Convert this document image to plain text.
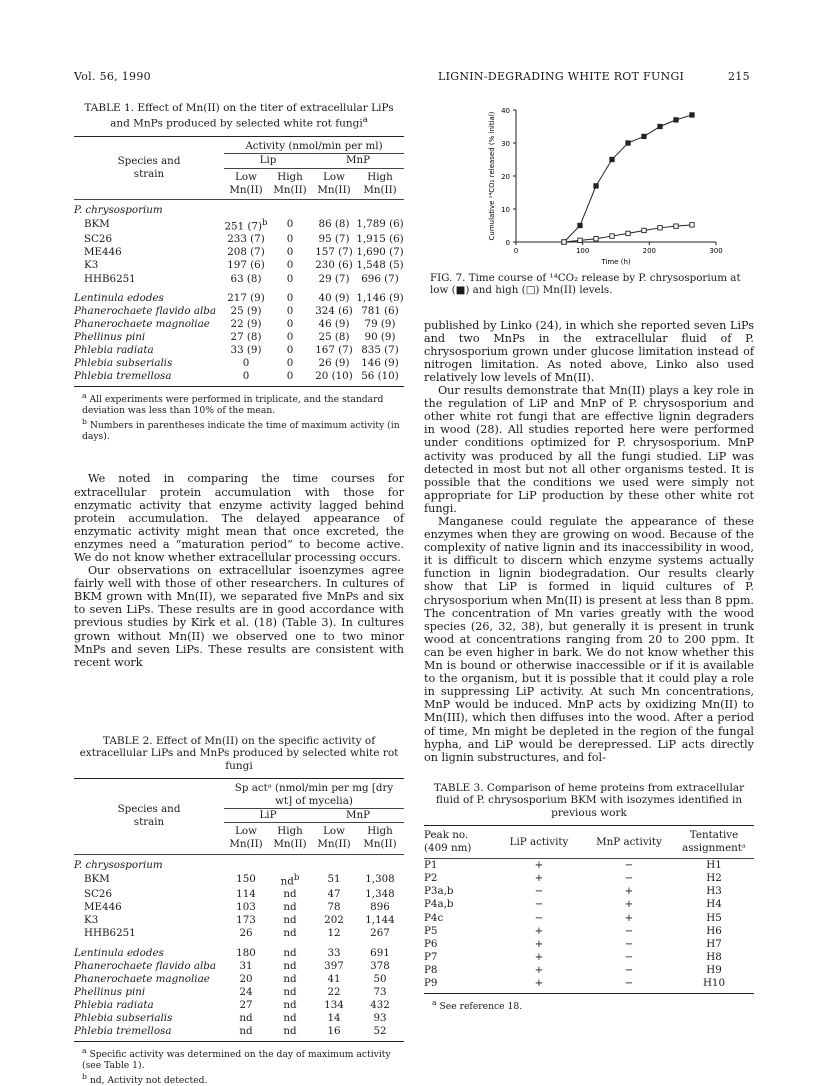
Vol. 56, 1990	LIGNIN-DEGRADING WHITE ROT FUNGI	215
TABLE 1. Effect of Mn(II) on the titer of extracellular LiPs and MnPs produced by selected white rot fungi$^a$
Species and strain	Activity (nmol/min per ml)			
	Lip		MnP	
	Low Mn(II)	High Mn(II)	Low Mn(II)	High Mn(II)
P. chrysosporium				
BKM	251 $(7)^b$	0	86 (8)	1,789 (6)
SC26	233 (7)	0	95 (7)	1,915 (6)
ME446	208 (7)	0	157 (7)	1,690 (7)
K3	197 (6)	0	230 (6)	1,548 (5)
HHB6251	63 (8)	0	29 (7)	696 (7)

Lentinula edodes	217 (9)	0	40 (9)	1,146 (9)
Phanerochaete flavido alba	25 (9)	0	324 (6)	781 (6)
Phanerochaete magnoliae	22 (9)	0	46 (9)	79 (9)
Phellinus pini	27 (8)	0	25 (8)	90 (9)
Phlebia radiata	33 (9)	0	167 (7)	835 (7)
Phlebia subserialis	0	0	26 (9)	146 (9)
Phlebia tremellosa	0	0	20 (10)	56 (10)

$^a$ All experiments were performed in triplicate, and the standard deviation was less than 10% of the mean.
$^b$ Numbers in parentheses indicate the time of maximum activity (in days).

We noted in comparing the time courses for extracellular protein accumulation with those for enzymatic activity that enzyme activity lagged behind protein accumulation. The delayed appearance of enzymatic activity might mean that once excreted, the enzymes need a “maturation period” to become active. We do not know whether extracellular processing occurs.

Our observations on extracellular isoenzymes agree fairly well with those of other researchers. In cultures of BKM grown with Mn(II), we separated five MnPs and six to seven LiPs. These results are in good accordance with previous studies by Kirk et al. (18) (Table 3). In cultures grown without Mn(II) we observed one to two minor MnPs and seven LiPs. These results are consistent with recent work

TABLE 2. Effect of Mn(II) on the specific activity of extracellular LiPs and MnPs produced by selected white rot fungi
Species and strain	Sp actᵃ (nmol/min per mg [dry wt] of mycelia)			
	LiP		MnP	
	Low Mn(II)	High Mn(II)	Low Mn(II)	High Mn(II)
P. chrysosporium				
BKM	150	$nd^b$	51	1,308
SC26	114	nd	47	1,348
ME446	103	nd	78	896
K3	173	nd	202	1,144
HHB6251	26	nd	12	267

Lentinula edodes	180	nd	33	691
Phanerochaete flavido alba	31	nd	397	378
Phanerochaete magnoliae	20	nd	41	50
Phellinus pini	24	nd	22	73
Phlebia radiata	27	nd	134	432
Phlebia subserialis	nd	nd	14	93
Phlebia tremellosa	nd	nd	16	52

$^a$ Specific activity was determined on the day of maximum activity (see Table 1).
$^b$ nd, Activity not detected.
0
10
20
30
40
0	100	200	300
Time (h)
Cumulative ¹⁴CO₂ released (% initial)
FIG. 7. Time course of ¹⁴CO₂ release by P. chrysosporium at low (■) and high (□) Mn(II) levels.

published by Linko (24), in which she reported seven LiPs and two MnPs in the extracellular fluid of P. chrysosporium grown under glucose limitation instead of nitrogen limitation. As noted above, Linko also used relatively low levels of Mn(II).

Our results demonstrate that Mn(II) plays a key role in the regulation of LiP and MnP of P. chrysosporium and other white rot fungi that are effective lignin degraders in wood (28). All studies reported here were performed under conditions optimized for P. chrysosporium. MnP activity was produced by all the fungi studied. LiP was detected in most but not all other organisms tested. It is possible that the conditions we used were simply not appropriate for LiP production by these other white rot fungi.

Manganese could regulate the appearance of these enzymes when they are growing on wood. Because of the complexity of native lignin and its inaccessibility in wood, it is difficult to discern which enzyme systems actually function in lignin biodegradation. Our results clearly show that LiP is formed in liquid cultures of P. chrysosporium when Mn(II) is present at less than 8 ppm. The concentration of Mn varies greatly with the wood species (26, 32, 38), but generally it is present in trunk wood at concentrations ranging from 20 to 200 ppm. It can be even higher in bark. We do not know whether this Mn is bound or otherwise inaccessible or if it is available to the organism, but it is possible that it could play a role in suppressing LiP activity. At such Mn concentrations, MnP would be induced. MnP acts by oxidizing Mn(II) to Mn(III), which then diffuses into the wood. After a period of time, Mn might be depleted in the region of the fungal hypha, and LiP would be derepressed. LiP acts directly on lignin substructures, and fol-

TABLE 3. Comparison of heme proteins from extracellular fluid of P. chrysosporium BKM with isozymes identified in previous work
Peak no. (409 nm)	LiP activity	MnP activity	Tentative assignmentᵃ
P1	+	−	H1
P2	+	−	H2
P3a,b	−	+	H3
P4a,b	−	+	H4
P4c	−	+	H5
P5	+	−	H6
P6	+	−	H7
P7	+	−	H8
P8	+	−	H9
P9	+	−	H10

$^a$ See reference 18.
